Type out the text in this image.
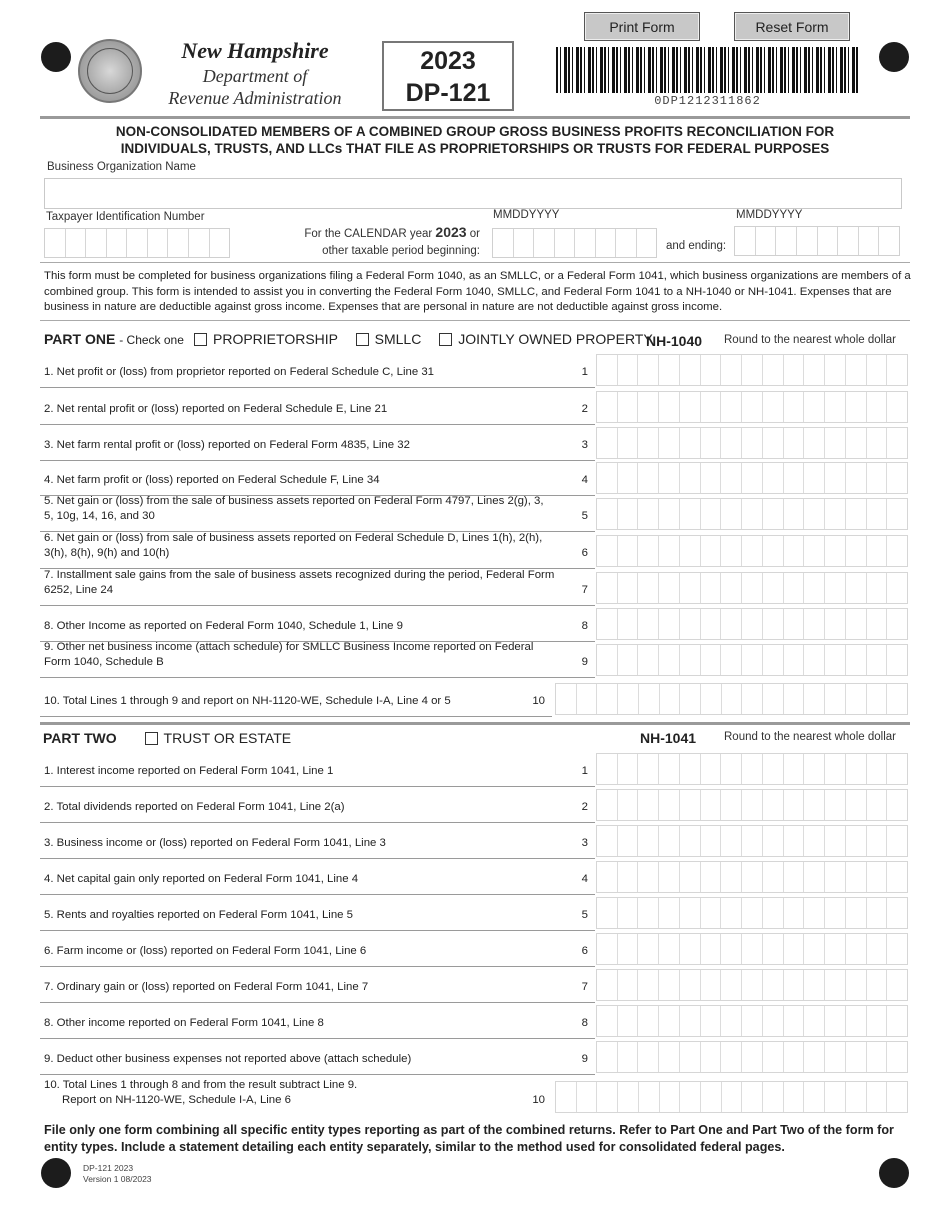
Print Form	Reset Form
New Hampshire
Department of
Revenue Administration
2023
DP-121	0DP1212311862
NON-CONSOLIDATED MEMBERS OF A COMBINED GROUP GROSS BUSINESS PROFITS RECONCILIATION FOR
INDIVIDUALS, TRUSTS, AND LLCs THAT FILE AS PROPRIETORSHIPS OR TRUSTS FOR FEDERAL PURPOSES
Business Organization Name
Taxpayer Identification Number
For the CALENDAR year 2023 or
other taxable period beginning:
MMDDYYYY
and ending:
MMDDYYYY
This form must be completed for business organizations filing a Federal Form 1040, as an SMLLC, or a Federal Form 1041, which business organizations are members of a combined group. This form is intended to assist you in converting the Federal Form 1040, SMLLC, and Federal Form 1041 to a NH-1040 or NH-1041. Expenses that are business in nature are deductible against gross income. Expenses that are personal in nature are not deductible against gross income.
PART ONE - Check one	PROPRIETORSHIP	SMLLC	JOINTLY OWNED PROPERTY
NH-1040 Round to the nearest whole dollar
1. Net profit or (loss) from proprietor reported on Federal Schedule C, Line 31	1
2. Net rental profit or (loss) reported on Federal Schedule E, Line 21	2
3. Net farm rental profit or (loss) reported on Federal Form 4835, Line 32	3
4. Net farm profit or (loss) reported on Federal Schedule F, Line 34	4
5. Net gain or (loss) from the sale of business assets reported on Federal Form 4797, Lines 2(g), 3, 5, 10g, 14, 16, and 30	5
6. Net gain or (loss) from sale of business assets reported on Federal Schedule D, Lines 1(h), 2(h), 3(h), 8(h), 9(h) and 10(h)	6
7. Installment sale gains from the sale of business assets recognized during the period, Federal Form 6252, Line 24	7
8. Other Income as reported on Federal Form 1040, Schedule 1, Line 9	8
9. Other net business income (attach schedule) for SMLLC Business Income reported on Federal Form 1040, Schedule B	9
10. Total Lines 1 through 9 and report on NH-1120-WE, Schedule I-A, Line 4 or 5	10
PART TWO	TRUST OR ESTATE	NH-1041 Round to the nearest whole dollar
1. Interest income reported on Federal Form 1041, Line 1	1
2. Total dividends reported on Federal Form 1041, Line 2(a)	2
3. Business income or (loss) reported on Federal Form 1041, Line 3	3
4. Net capital gain only reported on Federal Form 1041, Line 4	4
5. Rents and royalties reported on Federal Form 1041, Line 5	5
6. Farm income or (loss) reported on Federal Form 1041, Line 6	6
7. Ordinary gain or (loss) reported on Federal Form 1041, Line 7	7
8. Other income reported on Federal Form 1041, Line 8	8
9. Deduct other business expenses not reported above (attach schedule)	9
10. Total Lines 1 through 8 and from the result subtract Line 9.
Report on NH-1120-WE, Schedule I-A, Line 6	10
File only one form combining all specific entity types reporting as part of the combined returns. Refer to Part One and Part Two of the form for entity types. Include a statement detailing each entity separately, similar to the method used for consolidated federal pages.
DP-121 2023
Version 1 08/2023
